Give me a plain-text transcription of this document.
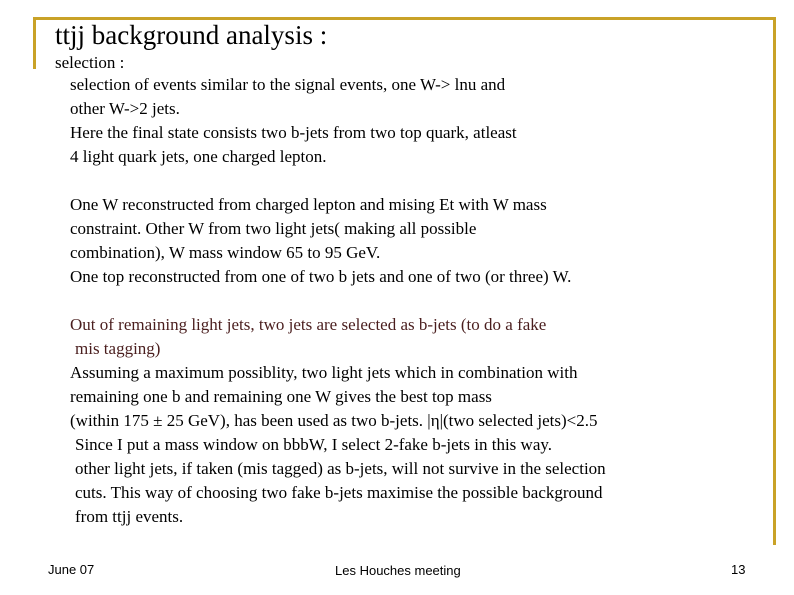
ttjj background analysis :
selection :
selection of events similar to the signal events, one W-> lnu and
other W->2 jets.
Here the final state consists two b-jets from two top quark, atleast
4 light quark jets, one charged lepton.
One W reconstructed from charged lepton and mising Et with W mass
constraint. Other W from two light jets( making all possible
combination), W mass window 65 to 95 GeV.
One top reconstructed from one of two b jets and one of two (or three) W.
Out of remaining light jets, two jets are selected as b-jets (to do a fake
mis tagging)
Assuming a maximum possiblity, two light jets which in combination with
remaining one b and remaining one W gives the best top mass
(within 175 ± 25 GeV), has been used as two b-jets. |η|(two selected jets)<2.5
Since I put a mass window on bbbW, I select 2-fake b-jets in this way.
other light jets, if taken (mis tagged) as b-jets, will not survive in the selection
cuts. This way of choosing two fake b-jets maximise the possible background
from ttjj events.
June 07	Les Houches meeting	13
